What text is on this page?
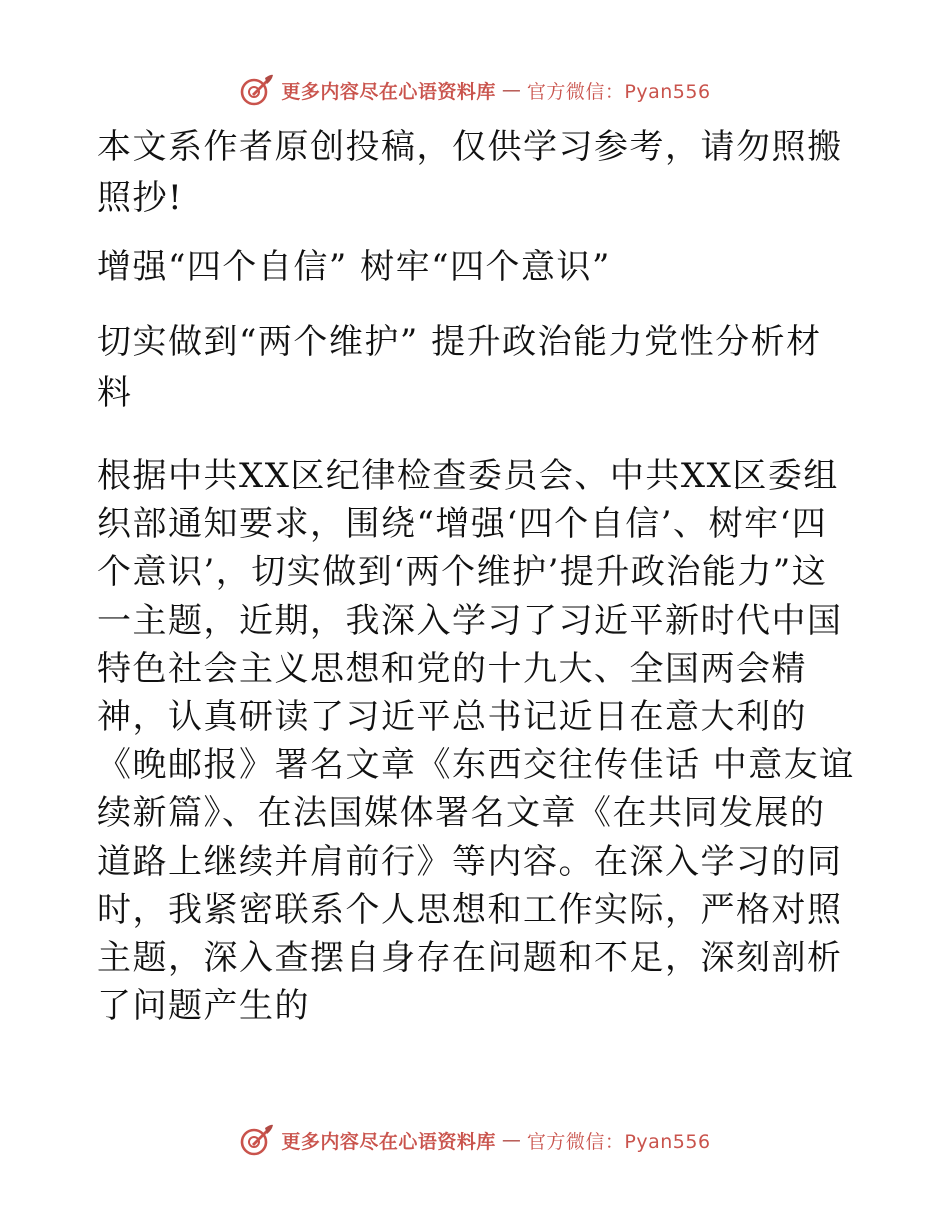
更多内容尽在心语资料库 — 官方微信：Pyan556

本文系作者原创投稿，仅供学习参考，请勿照搬照抄!

增强“四个自信” 树牢“四个意识”

切实做到“两个维护” 提升政治能力党性分析材料

根据中共XX区纪律检查委员会、中共XX区委组织部通知要求，围绕“增强‘四个自信’、树牢‘四个意识’，切实做到‘两个维护’提升政治能力”这一主题，近期，我深入学习了习近平新时代中国特色社会主义思想和党的十九大、全国两会精神，认真研读了习近平总书记近日在意大利的《晚邮报》署名文章《东西交往传佳话 中意友谊续新篇》、在法国媒体署名文章《在共同发展的道路上继续并肩前行》等内容。在深入学习的同时，我紧密联系个人思想和工作实际，严格对照主题，深入查摆自身存在问题和不足，深刻剖析了问题产生的

更多内容尽在心语资料库 — 官方微信：Pyan556
